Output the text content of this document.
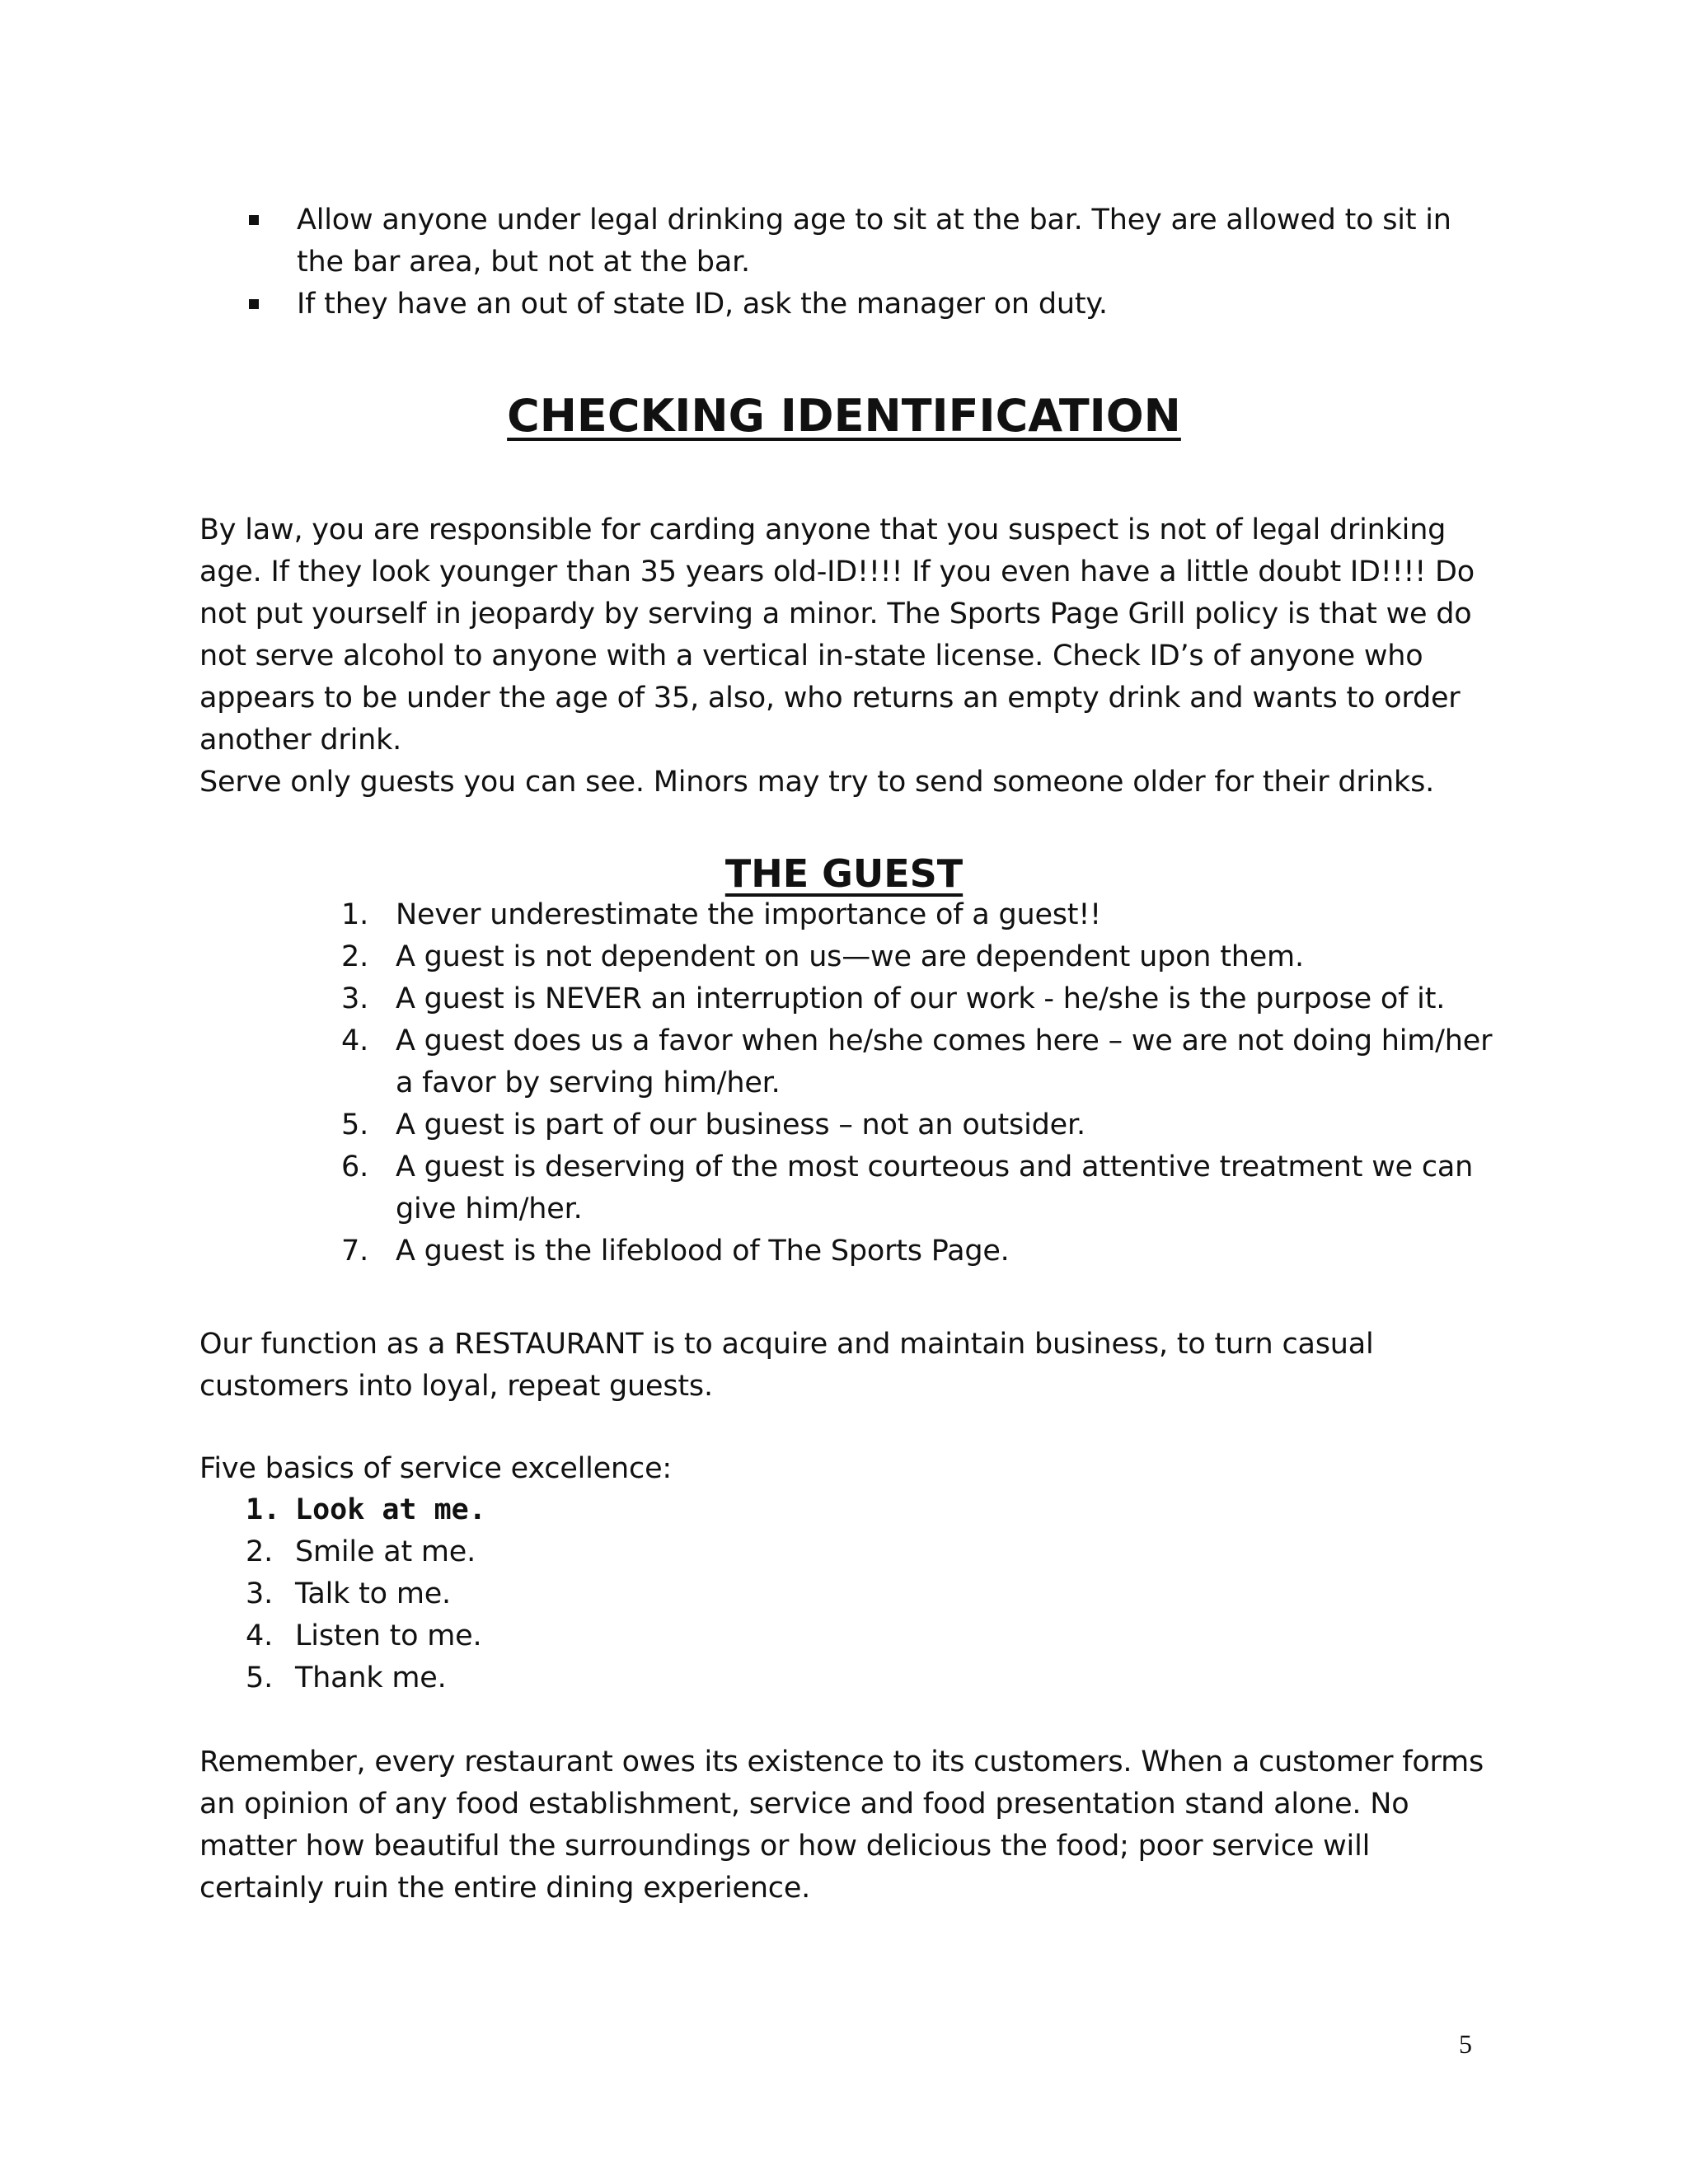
Allow anyone under legal drinking age to sit at the bar. They are allowed to sit in the bar area, but not at the bar.
If they have an out of state ID, ask the manager on duty.
CHECKING IDENTIFICATION
By law, you are responsible for carding anyone that you suspect is not of legal drinking age. If they look younger than 35 years old-ID!!!! If you even have a little doubt ID!!!! Do not put yourself in jeopardy by serving a minor. The Sports Page Grill policy is that we do not serve alcohol to anyone with a vertical in-state license. Check ID’s of anyone who appears to be under the age of 35, also, who returns an empty drink and wants to order another drink.
Serve only guests you can see. Minors may try to send someone older for their drinks.
THE GUEST
1. Never underestimate the importance of a guest!!
2. A guest is not dependent on us—we are dependent upon them.
3. A guest is NEVER an interruption of our work - he/she is the purpose of it.
4. A guest does us a favor when he/she comes here – we are not doing him/her a favor by serving him/her.
5. A guest is part of our business – not an outsider.
6. A guest is deserving of the most courteous and attentive treatment we can give him/her.
7. A guest is the lifeblood of The Sports Page.
Our function as a RESTAURANT is to acquire and maintain business, to turn casual customers into loyal, repeat guests.
Five basics of service excellence:
1. Look at me.
2. Smile at me.
3. Talk to me.
4. Listen to me.
5. Thank me.
Remember, every restaurant owes its existence to its customers. When a customer forms an opinion of any food establishment, service and food presentation stand alone. No matter how beautiful the surroundings or how delicious the food; poor service will certainly ruin the entire dining experience.
5
